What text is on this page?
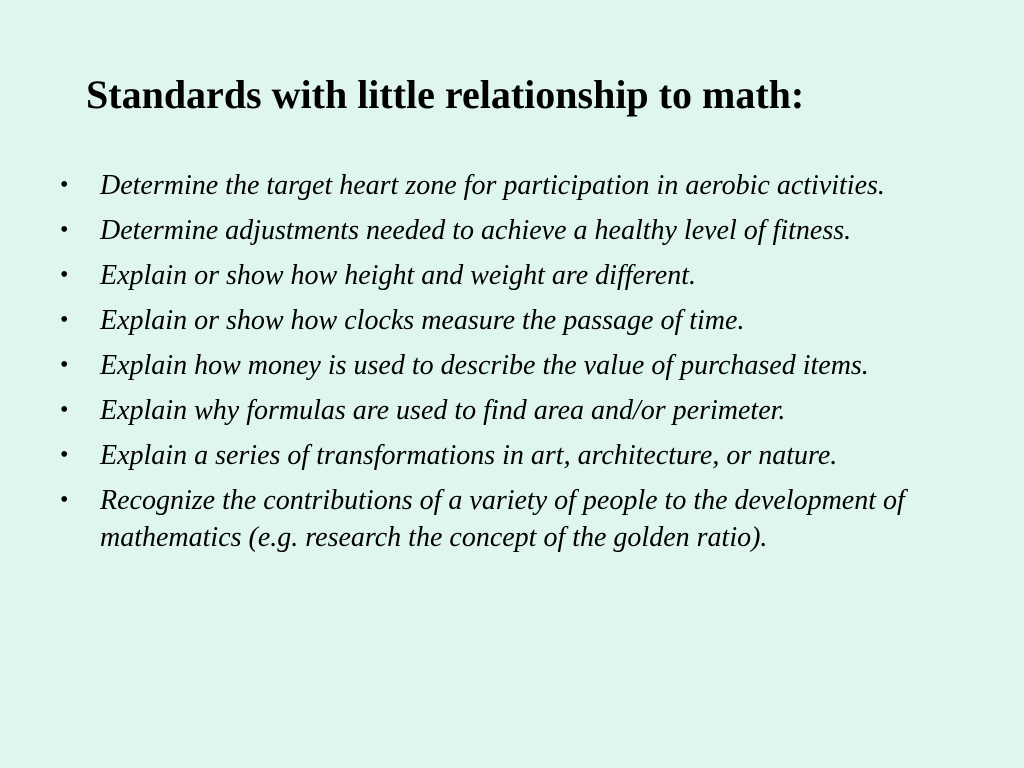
Standards with little relationship to math:
• Determine the target heart zone for participation in aerobic activities.
• Determine adjustments needed to achieve a healthy level of fitness.
• Explain or show how height and weight are different.
• Explain or show how clocks measure the passage of time.
• Explain how money is used to describe the value of purchased items.
• Explain why formulas are used to find area and/or perimeter.
• Explain a series of transformations in art, architecture, or nature.
• Recognize the contributions of a variety of people to the development of mathematics (e.g. research the concept of the golden ratio).
